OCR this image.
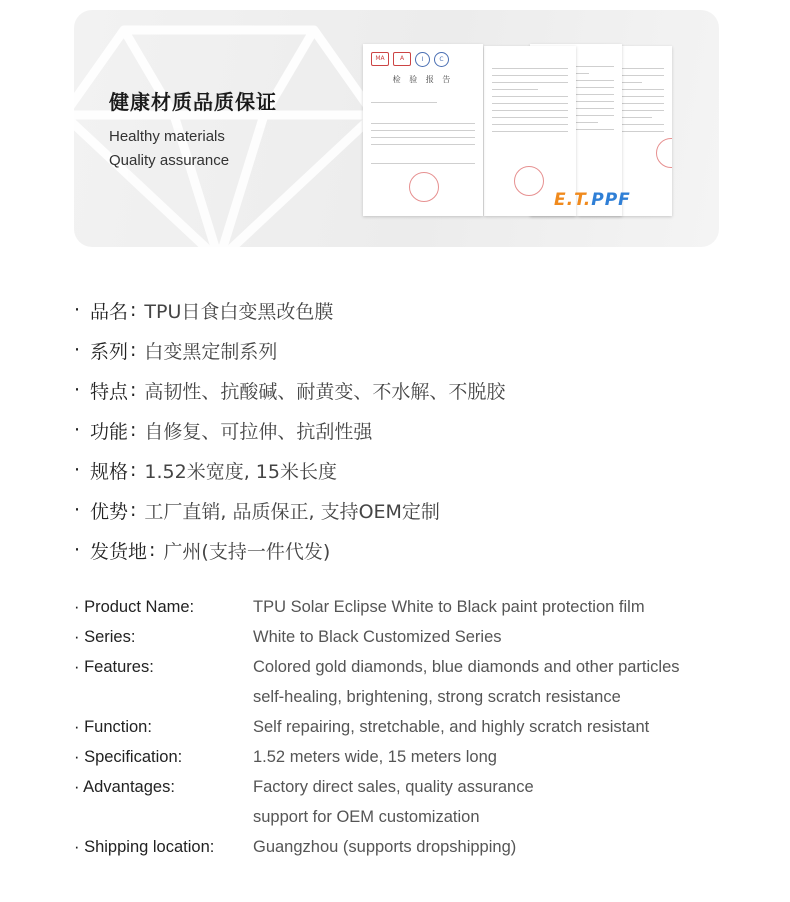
健康材质品质保证
Healthy materials
Quality assurance
MA	A	I	C
检 验 报 告
E.T.PPF
· 品名 : TPU日食白变黑改色膜
· 系列 : 白变黑定制系列
· 特点 : 高韧性、抗酸碱、耐黄变、不水解、不脱胶
· 功能 : 自修复、可拉伸、抗刮性强
· 规格 : 1.52米宽度, 15米长度
· 优势 : 工厂直销, 品质保正, 支持OEM定制
· 发货地 : 广州(支持一件代发)
· Product Name:	TPU Solar Eclipse White to Black paint protection film
· Series:	White to Black Customized Series
· Features:	Colored gold diamonds, blue diamonds and other particles
self-healing, brightening, strong scratch resistance
· Function:	Self repairing, stretchable, and highly scratch resistant
· Specification:	1.52 meters wide, 15 meters long
· Advantages:	Factory direct sales, quality assurance
support for OEM customization
· Shipping location:	Guangzhou (supports dropshipping)
